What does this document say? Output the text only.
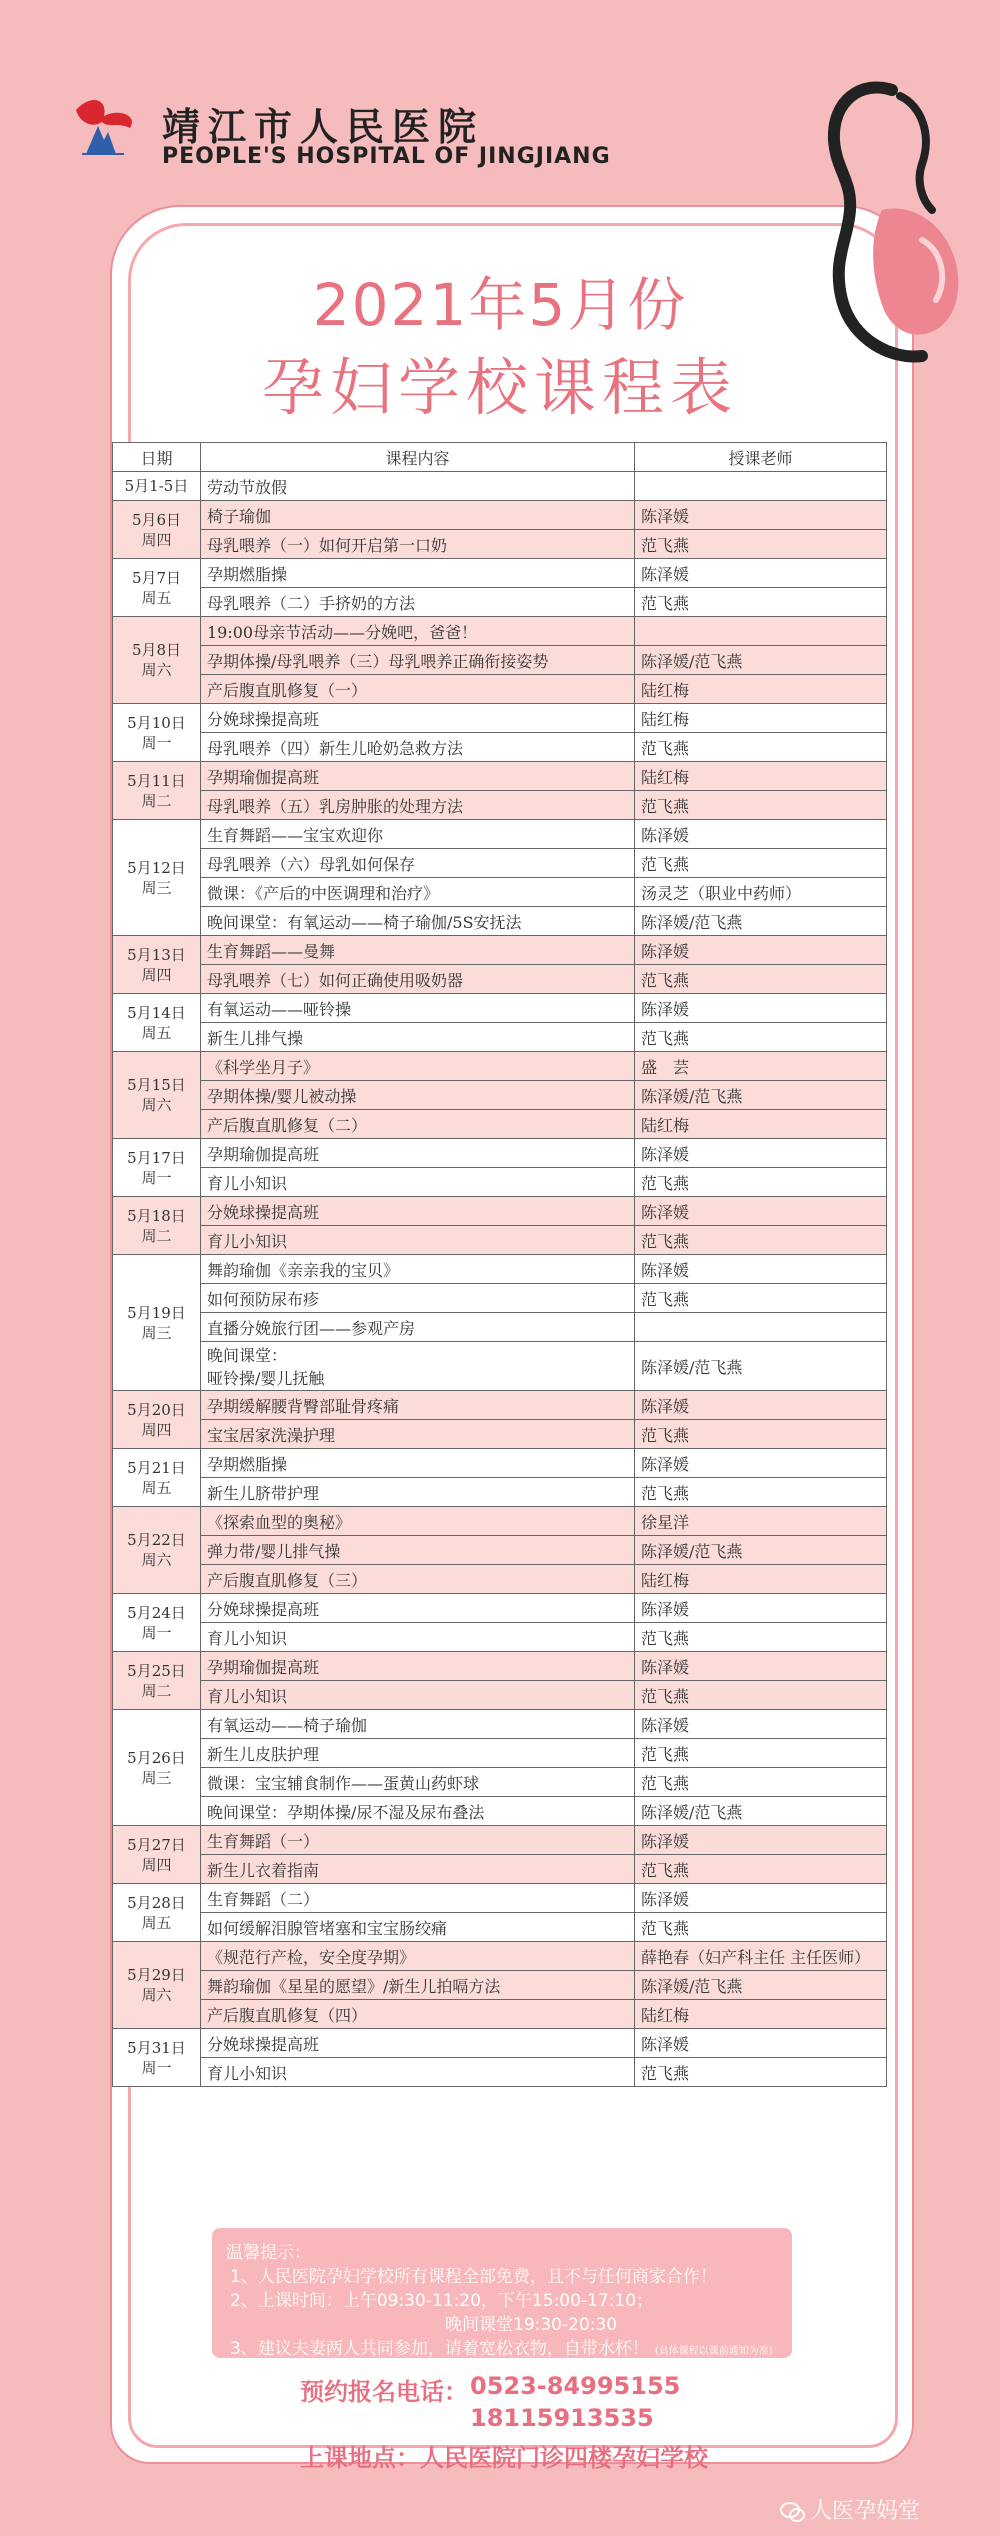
靖江市人民医院
PEOPLE'S HOSPITAL OF JINGJIANG
2021年5月份
孕妇学校课程表
日期	课程内容	授课老师
5月1-5日	劳动节放假	
5月6日
周四	椅子瑜伽	陈泽媛
	母乳喂养（一）如何开启第一口奶	范飞燕
5月7日
周五	孕期燃脂操	陈泽媛
	母乳喂养（二）手挤奶的方法	范飞燕
5月8日
周六	19:00母亲节活动——分娩吧，爸爸！	
	孕期体操/母乳喂养（三）母乳喂养正确衔接姿势	陈泽媛/范飞燕
	产后腹直肌修复（一）	陆红梅
5月10日
周一	分娩球操提高班	陆红梅
	母乳喂养（四）新生儿呛奶急救方法	范飞燕
5月11日
周二	孕期瑜伽提高班	陆红梅
	母乳喂养（五）乳房肿胀的处理方法	范飞燕
5月12日
周三	生育舞蹈——宝宝欢迎你	陈泽媛
	母乳喂养（六）母乳如何保存	范飞燕
	微课：《产后的中医调理和治疗》	汤灵芝（职业中药师）
	晚间课堂：有氧运动——椅子瑜伽/5S安抚法	陈泽媛/范飞燕
5月13日
周四	生育舞蹈——曼舞	陈泽媛
	母乳喂养（七）如何正确使用吸奶器	范飞燕
5月14日
周五	有氧运动——哑铃操	陈泽媛
	新生儿排气操	范飞燕
5月15日
周六	《科学坐月子》	盛　芸
	孕期体操/婴儿被动操	陈泽媛/范飞燕
	产后腹直肌修复（二）	陆红梅
5月17日
周一	孕期瑜伽提高班	陈泽媛
	育儿小知识	范飞燕
5月18日
周二	分娩球操提高班	陈泽媛
	育儿小知识	范飞燕
5月19日
周三	舞韵瑜伽《亲亲我的宝贝》	陈泽媛
	如何预防尿布疹	范飞燕
	直播分娩旅行团——参观产房	
	晚间课堂：
哑铃操/婴儿抚触	陈泽媛/范飞燕
5月20日
周四	孕期缓解腰背臀部耻骨疼痛	陈泽媛
	宝宝居家洗澡护理	范飞燕
5月21日
周五	孕期燃脂操	陈泽媛
	新生儿脐带护理	范飞燕
5月22日
周六	《探索血型的奥秘》	徐星洋
	弹力带/婴儿排气操	陈泽媛/范飞燕
	产后腹直肌修复（三）	陆红梅
5月24日
周一	分娩球操提高班	陈泽媛
	育儿小知识	范飞燕
5月25日
周二	孕期瑜伽提高班	陈泽媛
	育儿小知识	范飞燕
5月26日
周三	有氧运动——椅子瑜伽	陈泽媛
	新生儿皮肤护理	范飞燕
	微课：宝宝辅食制作——蛋黄山药虾球	范飞燕
	晚间课堂：孕期体操/尿不湿及尿布叠法	陈泽媛/范飞燕
5月27日
周四	生育舞蹈（一）	陈泽媛
	新生儿衣着指南	范飞燕
5月28日
周五	生育舞蹈（二）	陈泽媛
	如何缓解泪腺管堵塞和宝宝肠绞痛	范飞燕
5月29日
周六	《规范行产检，安全度孕期》	薛艳春（妇产科主任 主任医师）
	舞韵瑜伽《星星的愿望》/新生儿拍嗝方法	陈泽媛/范飞燕
	产后腹直肌修复（四）	陆红梅
5月31日
周一	分娩球操提高班	陈泽媛
	育儿小知识	范飞燕
温馨提示：
1、人民医院孕妇学校所有课程全部免费，且不与任何商家合作！
2、上课时间：上午09:30-11:20，下午15:00-17:10；
晚间课堂19:30-20:30
3、建议夫妻两人共同参加，请着宽松衣物，自带水杯！ (具体课程以课前通知为准)
预约报名电话： 0523-84995155
18115913535
上课地点： 人民医院门诊四楼孕妇学校
人医孕妈堂
